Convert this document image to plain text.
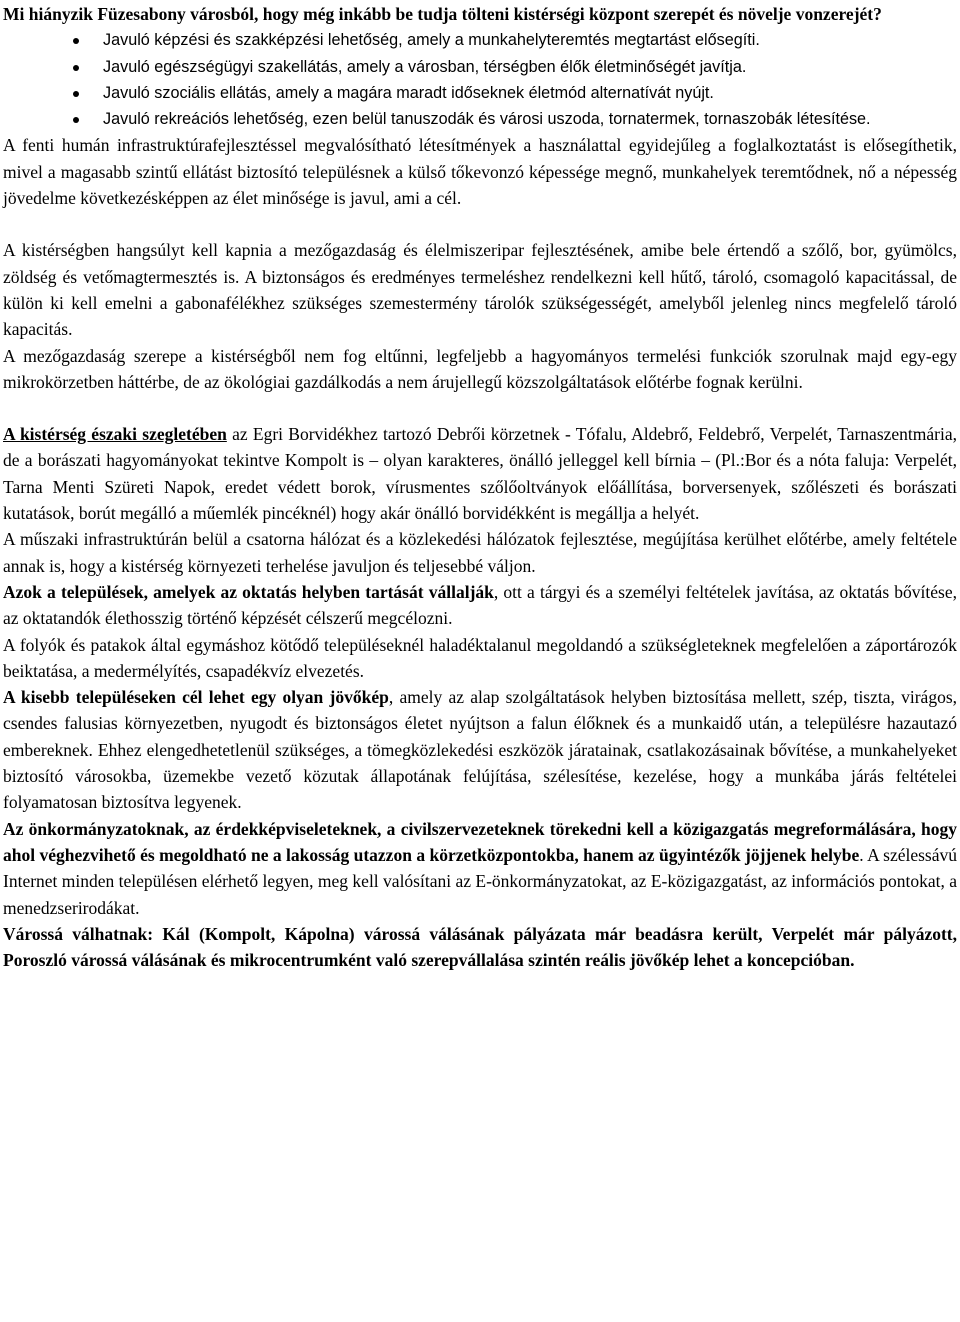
Mi hiányzik Füzesabony városból, hogy még inkább be tudja tölteni kistérségi központ szerepét és növelje vonzerejét?

Javuló képzési és szakképzési lehetőség, amely a munkahelyteremtés megtartást elősegíti.
Javuló egészségügyi szakellátás, amely a városban, térségben élők életminőségét javítja.
Javuló szociális ellátás, amely a magára maradt időseknek életmód alternatívát nyújt.
Javuló rekreációs lehetőség, ezen belül tanuszodák és városi uszoda, tornatermek, tornaszobák létesítése.

A fenti humán infrastruktúrafejlesztéssel megvalósítható létesítmények a használattal egyidejűleg a foglalkoztatást is elősegíthetik, mivel a magasabb szintű ellátást biztosító településnek a külső tőkevonzó képessége megnő, munkahelyek teremtődnek, nő a népesség jövedelme következésképpen az élet minősége is javul, ami a cél.

A kistérségben hangsúlyt kell kapnia a mezőgazdaság és élelmiszeripar fejlesztésének, amibe bele értendő a szőlő, bor, gyümölcs, zöldség és vetőmagtermesztés is. A biztonságos és eredményes termeléshez rendelkezni kell hűtő, tároló, csomagoló kapacitással, de külön ki kell emelni a gabonafélékhez szükséges szemestermény tárolók szükségességét, amelyből jelenleg nincs megfelelő tároló kapacitás.

A mezőgazdaság szerepe a kistérségből nem fog eltűnni, legfeljebb a hagyományos termelési funkciók szorulnak majd egy-egy mikrokörzetben háttérbe, de az ökológiai gazdálkodás a nem árujellegű közszolgáltatások előtérbe fognak kerülni.

A kistérség északi szegletében az Egri Borvidékhez tartozó Debrői körzetnek - Tófalu, Aldebrő, Feldebrő, Verpelét, Tarnaszentmária, de a borászati hagyományokat tekintve Kompolt is – olyan karakteres, önálló jelleggel kell bírnia – (Pl.:Bor és a nóta faluja: Verpelét, Tarna Menti Szüreti Napok, eredet védett borok, vírusmentes szőlőoltványok előállítása, borversenyek, szőlészeti és borászati kutatások, borút megálló a műemlék pincéknél) hogy akár önálló borvidékként is megállja a helyét.

A műszaki infrastruktúrán belül a csatorna hálózat és a közlekedési hálózatok fejlesztése, megújítása kerülhet előtérbe, amely feltétele annak is, hogy a kistérség környezeti terhelése javuljon és teljesebbé váljon.

Azok a települések, amelyek az oktatás helyben tartását vállalják, ott a tárgyi és a személyi feltételek javítása, az oktatás bővítése, az oktatandók élethosszig történő képzését célszerű megcélozni.

A folyók és patakok által egymáshoz kötődő településeknél haladéktalanul megoldandó a szükségleteknek megfelelően a záportározók beiktatása, a medermélyítés, csapadékvíz elvezetés.

A kisebb településeken cél lehet egy olyan jövőkép, amely az alap szolgáltatások helyben biztosítása mellett, szép, tiszta, virágos, csendes falusias környezetben, nyugodt és biztonságos életet nyújtson a falun élőknek és a munkaidő után, a településre hazautazó embereknek. Ehhez elengedhetetlenül szükséges, a tömegközlekedési eszközök járatainak, csatlakozásainak bővítése, a munkahelyeket biztosító városokba, üzemekbe vezető közutak állapotának felújítása, szélesítése, kezelése, hogy a munkába járás feltételei folyamatosan biztosítva legyenek.

Az önkormányzatoknak, az érdekképviseleteknek, a civilszervezeteknek törekedni kell a közigazgatás megreformálására, hogy ahol véghezvihető és megoldható ne a lakosság utazzon a körzetközpontokba, hanem az ügyintézők jöjjenek helybe. A szélessávú Internet minden településen elérhető legyen, meg kell valósítani az E-önkormányzatokat, az E-közigazgatást, az információs pontokat, a menedzserirodákat.

Várossá válhatnak: Kál (Kompolt, Kápolna) várossá válásának pályázata már beadásra került, Verpelét már pályázott, Poroszló várossá válásának és mikrocentrumként való szerepvállalása szintén reális jövőkép lehet a koncepcióban.
